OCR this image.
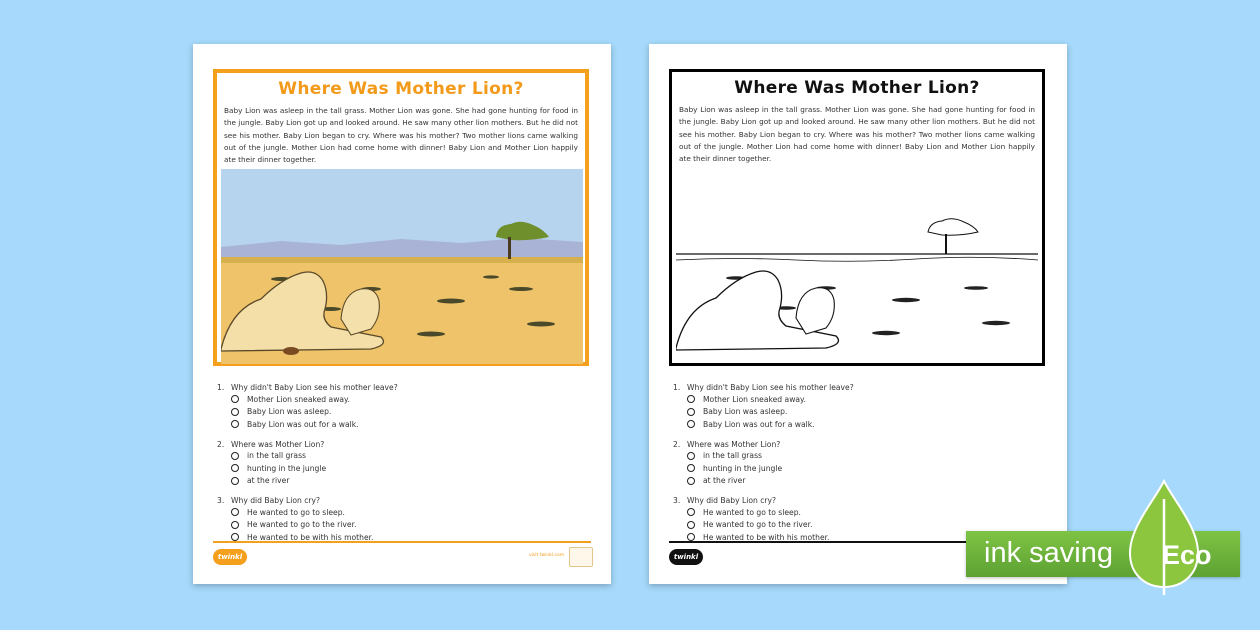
Where Was Mother Lion?
Baby Lion was asleep in the tall grass. Mother Lion was gone. She had gone hunting for food in the jungle. Baby Lion got up and looked around. He saw many other lion mothers. But he did not see his mother. Baby Lion began to cry. Where was his mother? Two mother lions came walking out of the jungle. Mother Lion had come home with dinner! Baby Lion and Mother Lion happily ate their dinner together.
1. Why didn't Baby Lion see his mother leave?
Mother Lion sneaked away.
Baby Lion was asleep.
Baby Lion was out for a walk.
2. Where was Mother Lion?
in the tall grass
hunting in the jungle
at the river
3. Why did Baby Lion cry?
He wanted to go to sleep.
He wanted to go to the river.
He wanted to be with his mother.
twinkl	visit twinkl.com
Where Was Mother Lion?
Baby Lion was asleep in the tall grass. Mother Lion was gone. She had gone hunting for food in the jungle. Baby Lion got up and looked around. He saw many other lion mothers. But he did not see his mother. Baby Lion began to cry. Where was his mother? Two mother lions came walking out of the jungle. Mother Lion had come home with dinner! Baby Lion and Mother Lion happily ate their dinner together.
1. Why didn't Baby Lion see his mother leave?
Mother Lion sneaked away.
Baby Lion was asleep.
Baby Lion was out for a walk.
2. Where was Mother Lion?
in the tall grass
hunting in the jungle
at the river
3. Why did Baby Lion cry?
He wanted to go to sleep.
He wanted to go to the river.
He wanted to be with his mother.
twinkl	ink saving Eco
